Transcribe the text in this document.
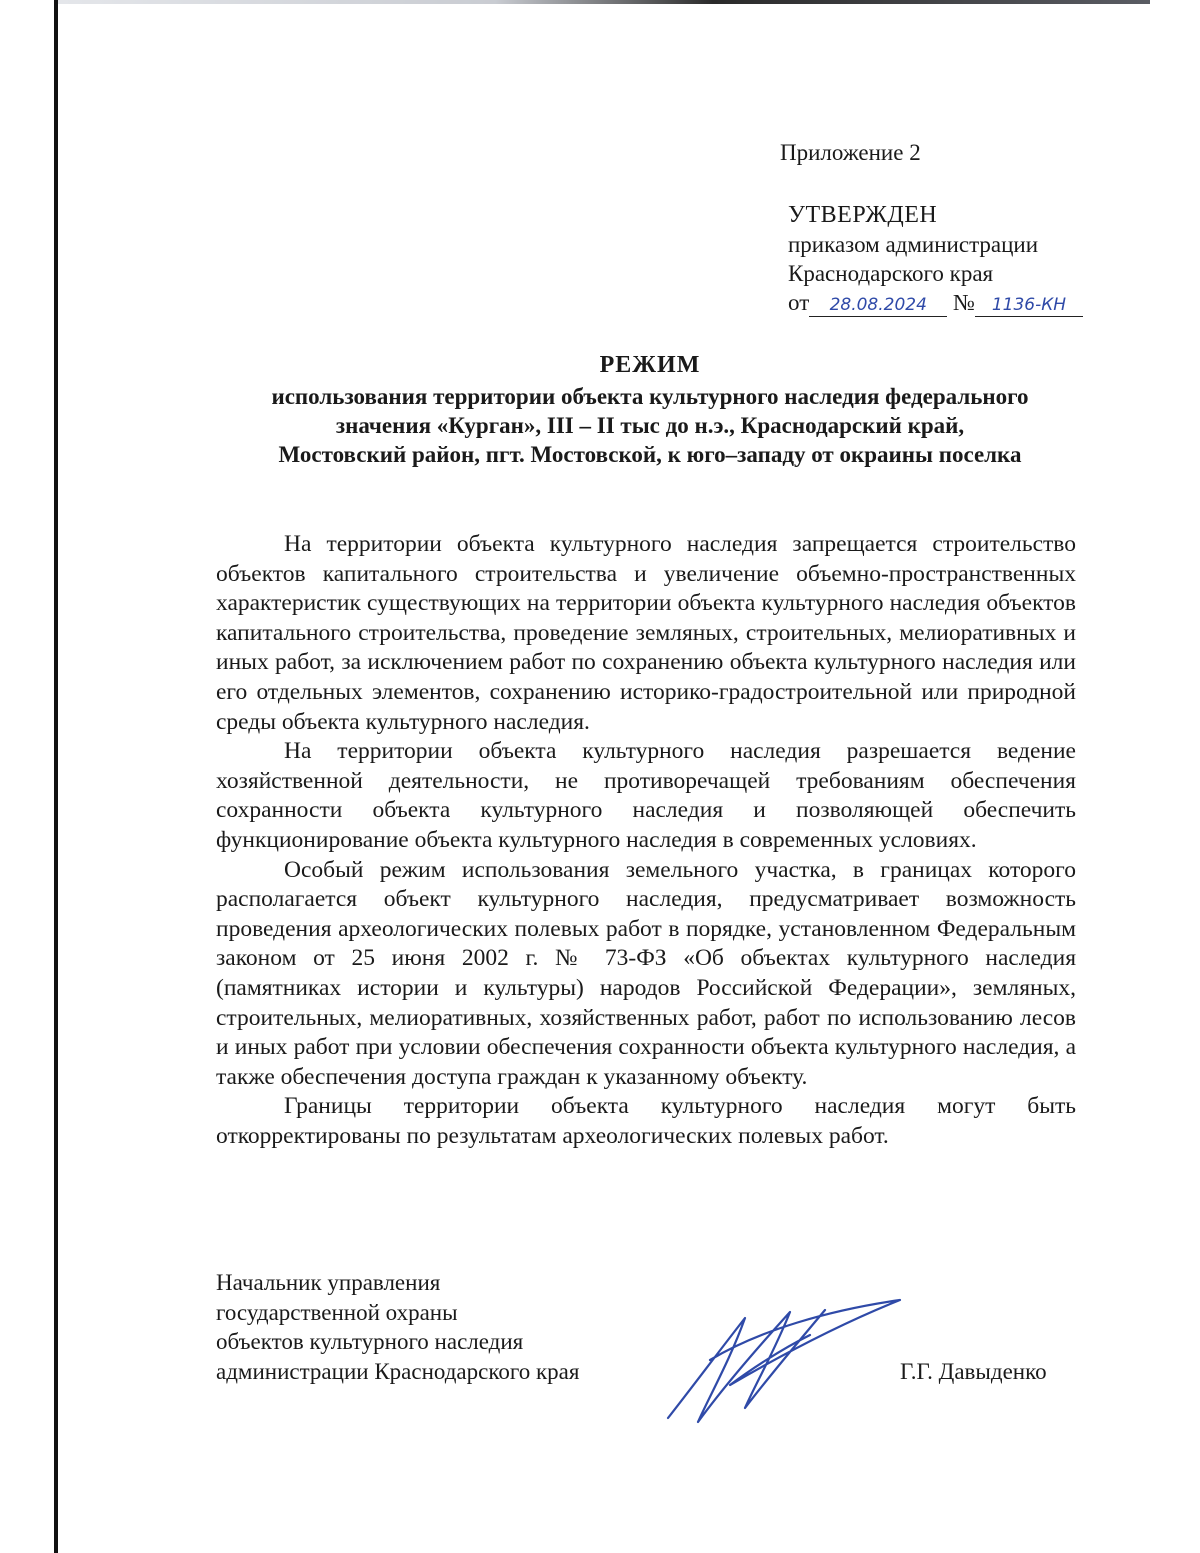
Приложение 2
УТВЕРЖДЕН
приказом администрации
Краснодарского края
от 28.08.2024 № 1136-КН
РЕЖИМ
использования территории объекта культурного наследия федерального
значения «Курган», III – II тыс до н.э., Краснодарский край,
Мостовский район, пгт. Мостовской, к юго–западу от окраины поселка

На территории объекта культурного наследия запрещается строительство объектов капитального строительства и увеличение объемно-пространственных характеристик существующих на территории объекта культурного наследия объектов капитального строительства, проведение земляных, строительных, мелиоративных и иных работ, за исключением работ по сохранению объекта культурного наследия или его отдельных элементов, сохранению историко-градостроительной или природной среды объекта культурного наследия.

На территории объекта культурного наследия разрешается ведение хозяйственной деятельности, не противоречащей требованиям обеспечения сохранности объекта культурного наследия и позволяющей обеспечить функционирование объекта культурного наследия в современных условиях.

Особый режим использования земельного участка, в границах которого располагается объект культурного наследия, предусматривает возможность проведения археологических полевых работ в порядке, установленном Федеральным законом от 25 июня 2002 г. № 73-ФЗ «Об объектах культурного наследия (памятниках истории и культуры) народов Российской Федерации», земляных, строительных, мелиоративных, хозяйственных работ, работ по использованию лесов и иных работ при условии обеспечения сохранности объекта культурного наследия, а также обеспечения доступа граждан к указанному объекту.

Границы территории объекта культурного наследия могут быть откорректированы по результатам археологических полевых работ.

Начальник управления
государственной охраны
объектов культурного наследия
администрации Краснодарского края	Г.Г. Давыденко
